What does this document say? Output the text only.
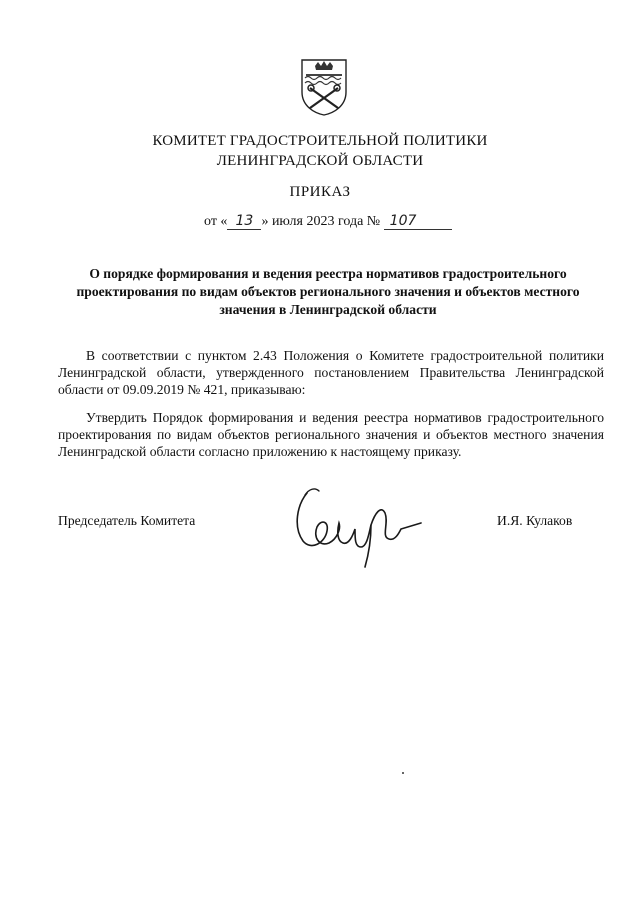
КОМИТЕТ ГРАДОСТРОИТЕЛЬНОЙ ПОЛИТИКИ
ЛЕНИНГРАДСКОЙ ОБЛАСТИ
ПРИКАЗ
от « 13 » июля 2023 года № 107
О порядке формирования и ведения реестра нормативов градостроительного проектирования по видам объектов регионального значения и объектов местного значения в Ленинградской области

В соответствии с пунктом 2.43 Положения о Комитете градостроительной политики Ленинградской области, утвержденного постановлением Правительства Ленинградской области от 09.09.2019 № 421, приказываю:

Утвердить Порядок формирования и ведения реестра нормативов градостроительного проектирования по видам объектов регионального значения и объектов местного значения Ленинградской области согласно приложению к настоящему приказу.

Председатель Комитета	И.Я. Кулаков
